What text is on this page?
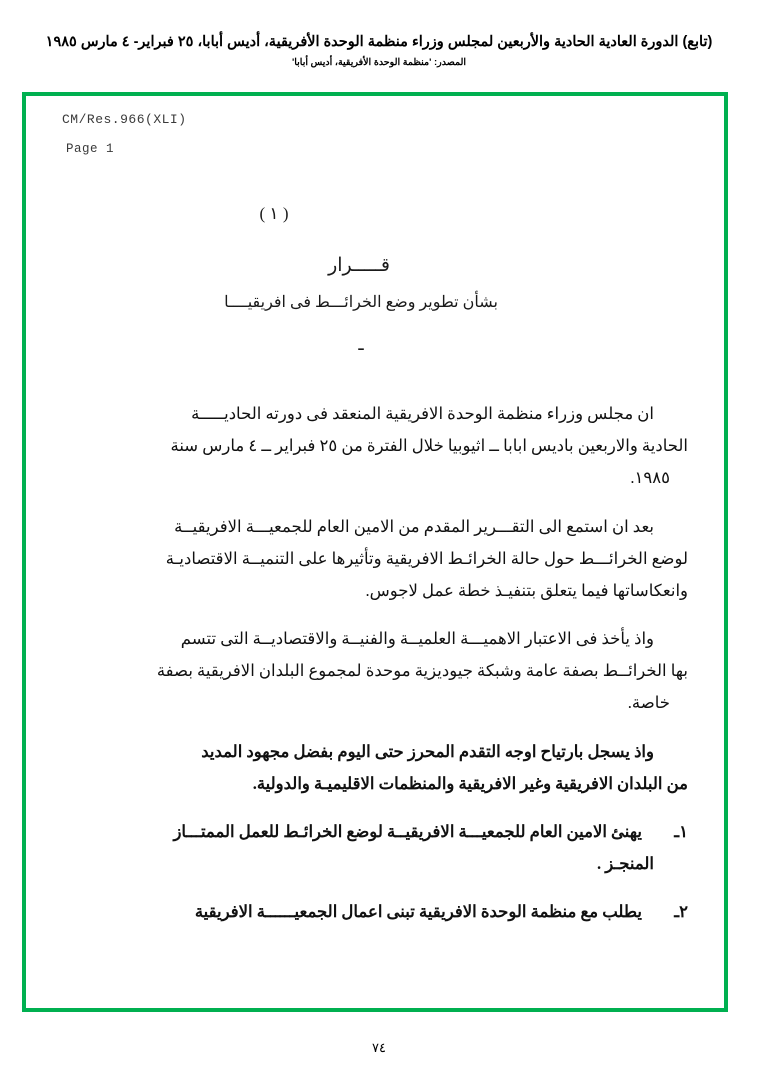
(تابع) الدورة العادية الحادية والأربعين لمجلس وزراء منظمة الوحدة الأفريقية، أديس أبابا، ٢٥ فبراير- ٤ مارس ١٩٨٥
المصدر: 'منظمة الوحدة الأفريقية، أديس أبابا'
CM/Res.966(XLI)
Page 1
( ١ )
قـــــرار
بشأن تطوير وضع الخرائـــط فى افريقيــــا
ـ
ان مجلس وزراء منظمة الوحدة الافريقية المنعقد فى دورته الحاديـــــة
الحادية والاربعين باديس ابابا ــ اثيوبيا خلال الفترة من ٢٥ فبراير ــ ٤ مارس سنة
١٩٨٥.
بعد ان استمع الى التقـــرير المقدم من الامين العام للجمعيـــة الافريقيــة
لوضع الخرائـــط حول حالة الخرائـط الافريقية وتأثيرها على التنميــة الاقتصاديـة
وانعكاساتها فيما يتعلق بتنفيـذ خطة عمل لاجوس.
واذ يأخذ فى الاعتبار الاهميـــة العلميــة والفنيــة والاقتصاديــة التى تتسم
بها الخرائــط بصفة عامة وشبكة جيوديزية موحدة لمجموع البلدان الافريقية بصفة
خاصة.
واذ يسجل بارتياح اوجه التقدم المحرز حتى اليوم بفضل مجهود المديد
من البلدان الافريقية وغير الافريقية والمنظمات الاقليميـة والدولية.
١ـ
يهنئ الامين العام للجمعيـــة الافريقيــة لوضع الخرائـط للعمل الممتـــاز
المنجـز .
٢ـ
يطلب مع منظمة الوحدة الافريقية تبنى اعمال الجمعيــــــة الافريقية
٧٤
